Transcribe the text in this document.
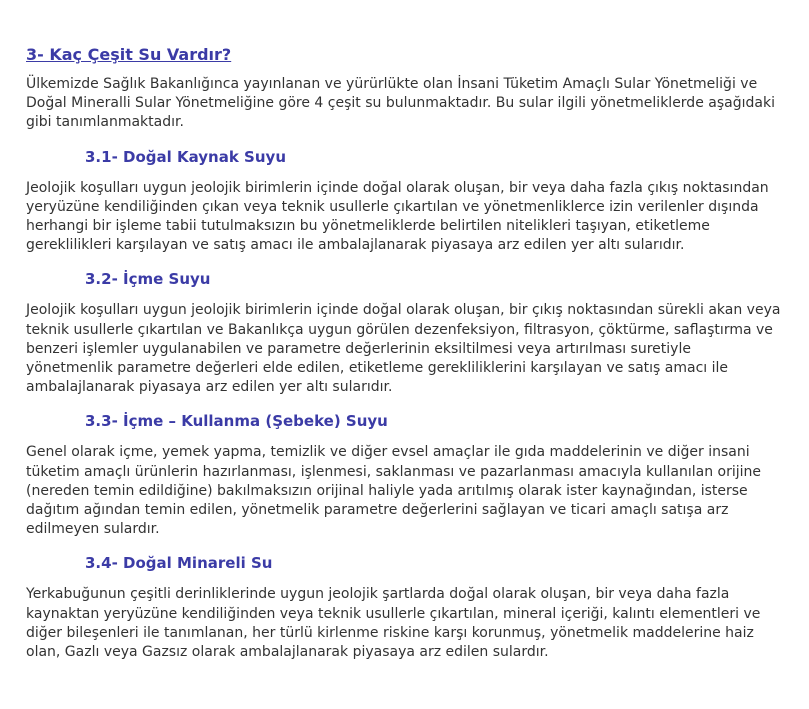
3- Kaç Çeşit Su Vardır?

Ülkemizde Sağlık Bakanlığınca yayınlanan ve yürürlükte olan İnsani Tüketim Amaçlı Sular Yönetmeliği ve Doğal Mineralli Sular Yönetmeliğine göre 4 çeşit su bulunmaktadır. Bu sular ilgili yönetmeliklerde aşağıdaki gibi tanımlanmaktadır.

3.1- Doğal Kaynak Suyu

Jeolojik koşulları uygun jeolojik birimlerin içinde doğal olarak oluşan, bir veya daha fazla çıkış noktasından yeryüzüne kendiliğinden çıkan veya teknik usullerle çıkartılan ve yönetmenliklerce izin verilenler dışında herhangi bir işleme tabii tutulmaksızın bu yönetmeliklerde belirtilen nitelikleri taşıyan, etiketleme gereklilikleri karşılayan ve satış amacı ile ambalajlanarak piyasaya arz edilen yer altı sularıdır.

3.2- İçme Suyu

Jeolojik koşulları uygun jeolojik birimlerin içinde doğal olarak oluşan, bir çıkış noktasından sürekli akan veya teknik usullerle çıkartılan ve Bakanlıkça uygun görülen dezenfeksiyon, filtrasyon, çöktürme, saflaştırma ve benzeri işlemler uygulanabilen ve parametre değerlerinin eksiltilmesi veya artırılması suretiyle yönetmenlik parametre değerleri elde edilen, etiketleme gerekliliklerini karşılayan ve satış amacı ile ambalajlanarak piyasaya arz edilen yer altı sularıdır.

3.3- İçme – Kullanma (Şebeke) Suyu

Genel olarak içme, yemek yapma, temizlik ve diğer evsel amaçlar ile gıda maddelerinin ve diğer insani tüketim amaçlı ürünlerin hazırlanması, işlenmesi, saklanması ve pazarlanması amacıyla kullanılan orijine (nereden temin edildiğine) bakılmaksızın orijinal haliyle yada arıtılmış olarak ister kaynağından, isterse dağıtım ağından temin edilen, yönetmelik parametre değerlerini sağlayan ve ticari amaçlı satışa arz edilmeyen sulardır.

3.4- Doğal Minareli Su

Yerkabuğunun çeşitli derinliklerinde uygun jeolojik şartlarda doğal olarak oluşan, bir veya daha fazla kaynaktan yeryüzüne kendiliğinden veya teknik usullerle çıkartılan, mineral içeriği, kalıntı elementleri ve diğer bileşenleri ile tanımlanan, her türlü kirlenme riskine karşı korunmuş, yönetmelik maddelerine haiz olan, Gazlı veya Gazsız olarak ambalajlanarak piyasaya arz edilen sulardır.
